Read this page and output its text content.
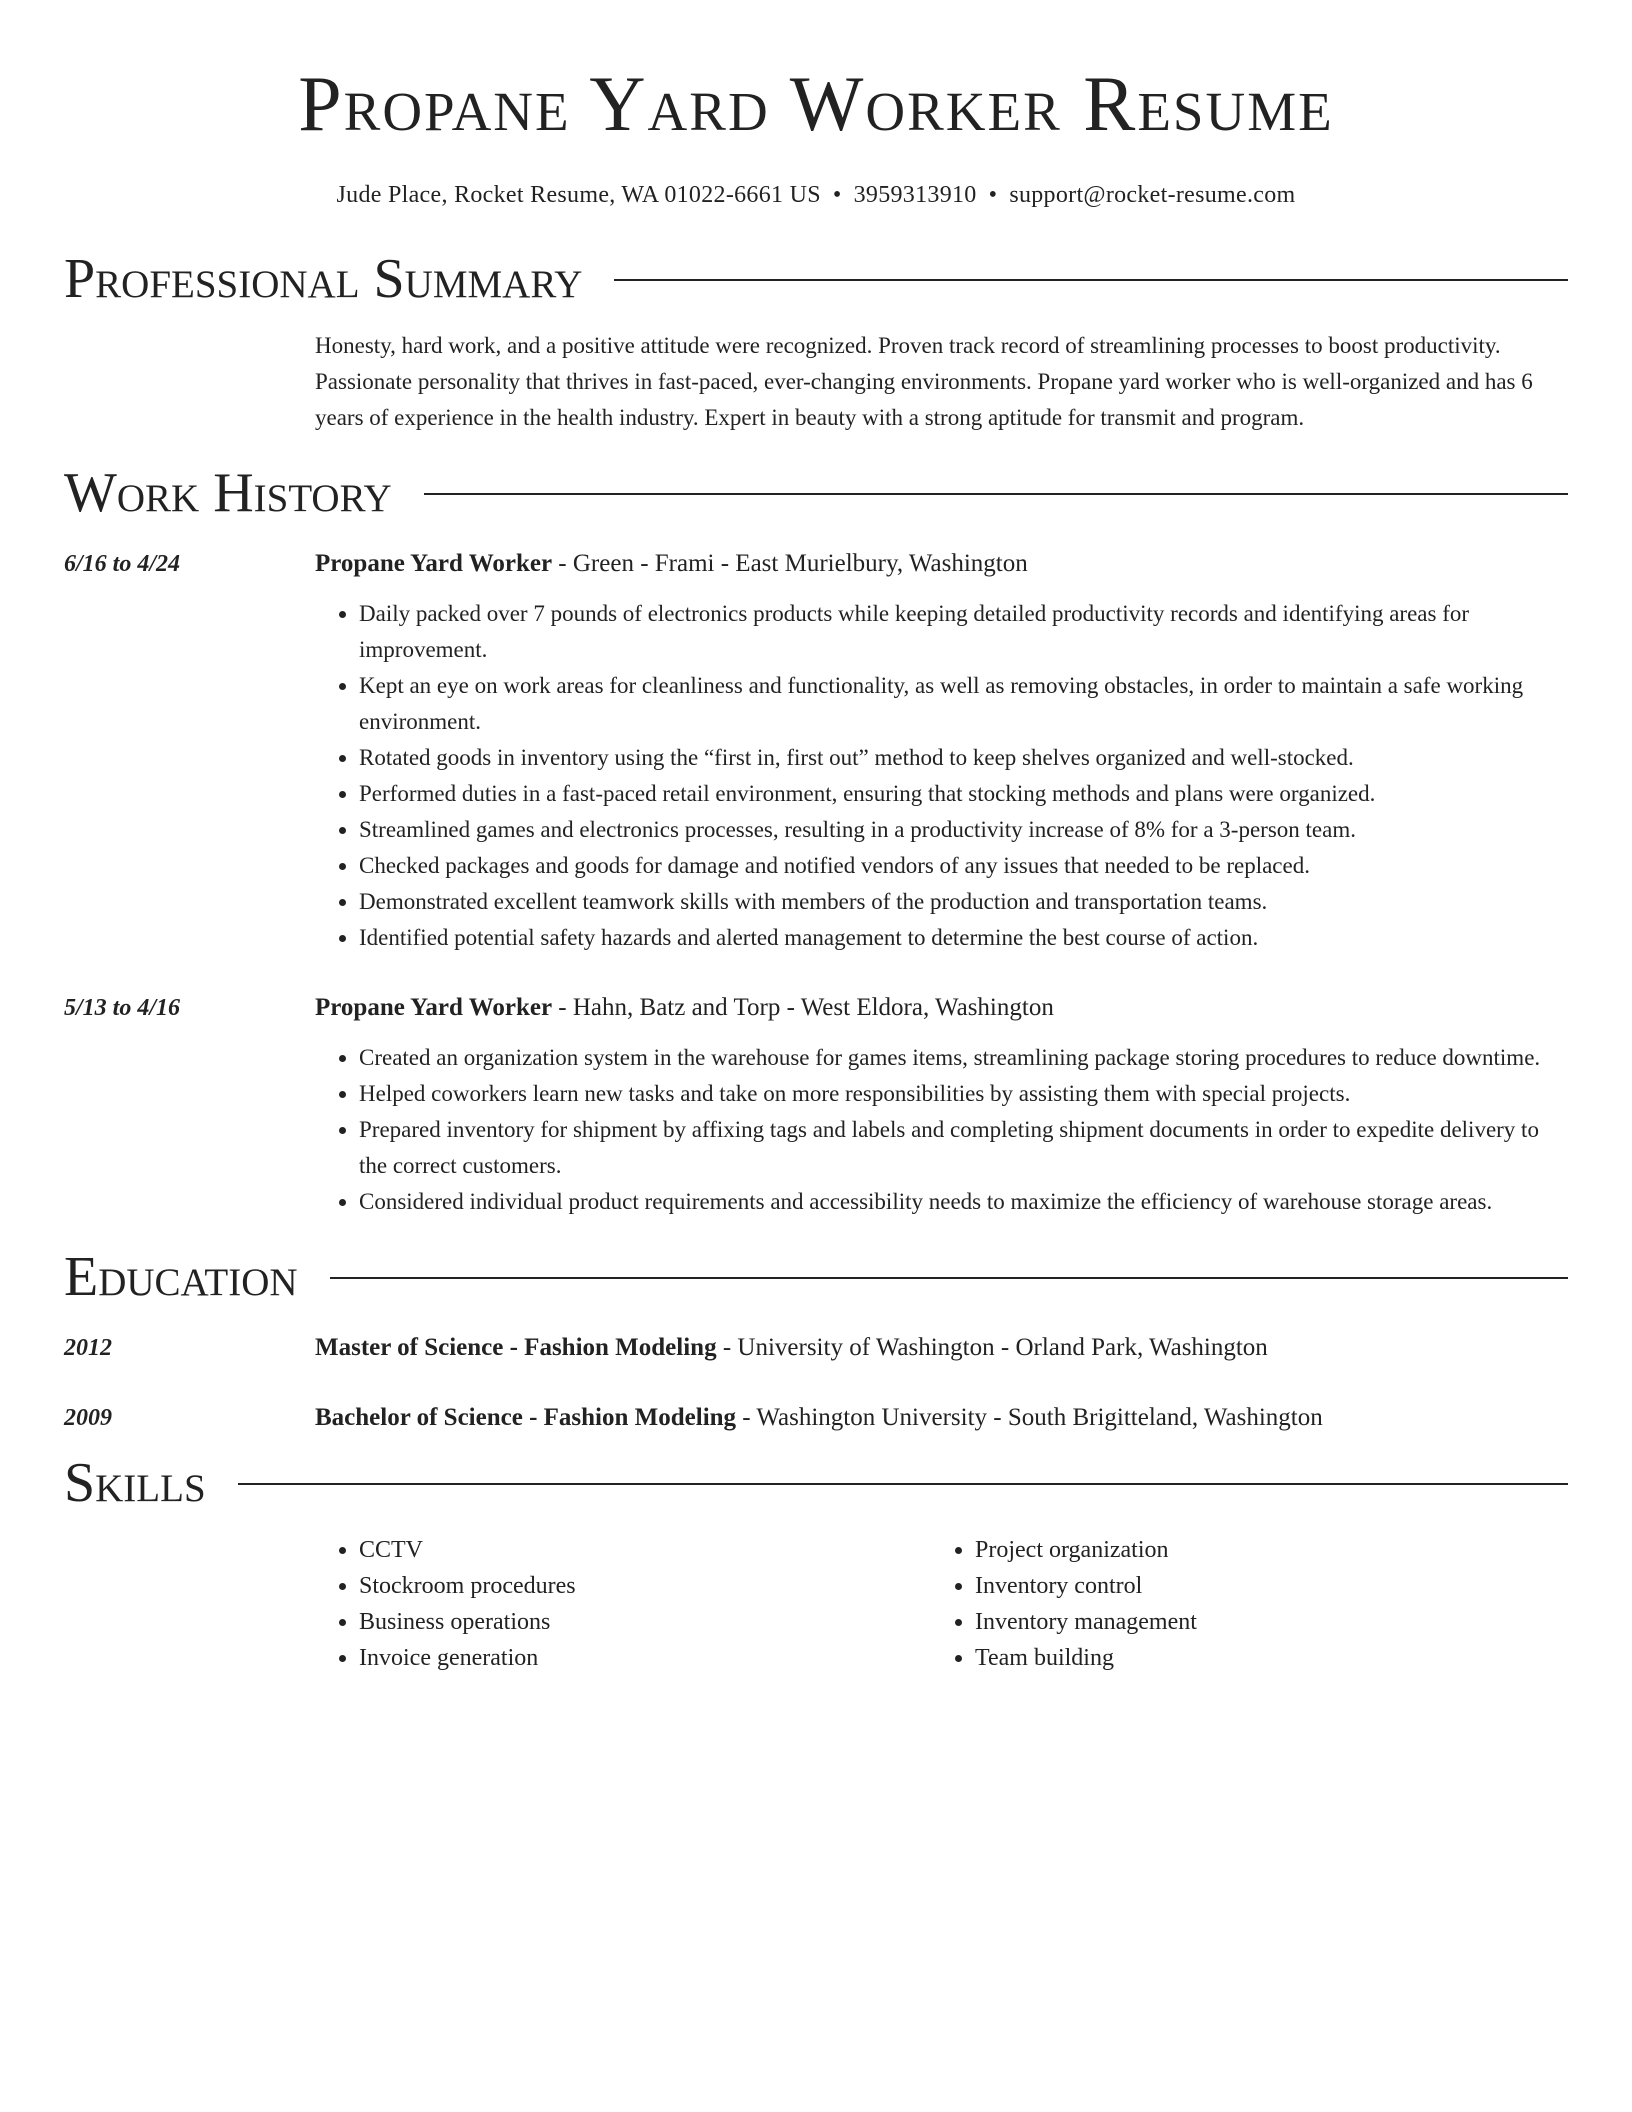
Propane Yard Worker Resume
Jude Place, Rocket Resume, WA 01022-6661 US • 3959313910 • support@rocket-resume.com
Professional Summary
Honesty, hard work, and a positive attitude were recognized. Proven track record of streamlining processes to boost productivity. Passionate personality that thrives in fast-paced, ever-changing environments. Propane yard worker who is well-organized and has 6 years of experience in the health industry. Expert in beauty with a strong aptitude for transmit and program.
Work History
6/16 to 4/24	Propane Yard Worker - Green - Frami - East Murielbury, Washington
• Daily packed over 7 pounds of electronics products while keeping detailed productivity records and identifying areas for improvement.
• Kept an eye on work areas for cleanliness and functionality, as well as removing obstacles, in order to maintain a safe working environment.
• Rotated goods in inventory using the “first in, first out” method to keep shelves organized and well-stocked.
• Performed duties in a fast-paced retail environment, ensuring that stocking methods and plans were organized.
• Streamlined games and electronics processes, resulting in a productivity increase of 8% for a 3-person team.
• Checked packages and goods for damage and notified vendors of any issues that needed to be replaced.
• Demonstrated excellent teamwork skills with members of the production and transportation teams.
• Identified potential safety hazards and alerted management to determine the best course of action.
5/13 to 4/16	Propane Yard Worker - Hahn, Batz and Torp - West Eldora, Washington
• Created an organization system in the warehouse for games items, streamlining package storing procedures to reduce downtime.
• Helped coworkers learn new tasks and take on more responsibilities by assisting them with special projects.
• Prepared inventory for shipment by affixing tags and labels and completing shipment documents in order to expedite delivery to the correct customers.
• Considered individual product requirements and accessibility needs to maximize the efficiency of warehouse storage areas.
Education
2012	Master of Science - Fashion Modeling - University of Washington - Orland Park, Washington
2009	Bachelor of Science - Fashion Modeling - Washington University - South Brigitteland, Washington
Skills
• CCTV
• Stockroom procedures
• Business operations
• Invoice generation
• Project organization
• Inventory control
• Inventory management
• Team building
